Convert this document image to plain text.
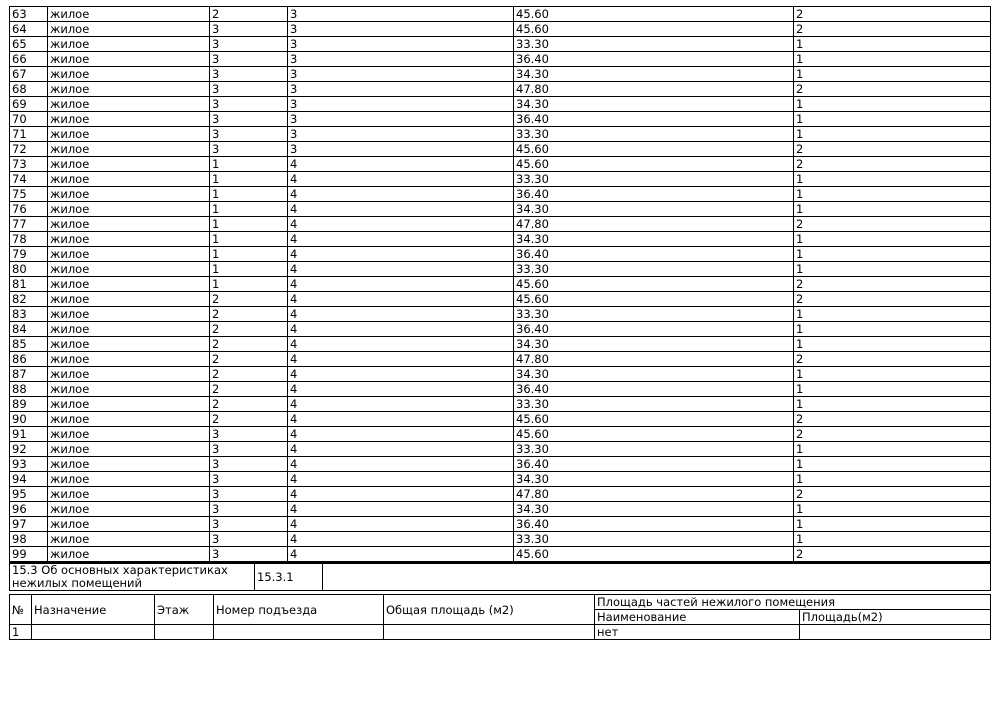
63	жилое	2	3	45.60	2
64	жилое	3	3	45.60	2
65	жилое	3	3	33.30	1
66	жилое	3	3	36.40	1
67	жилое	3	3	34.30	1
68	жилое	3	3	47.80	2
69	жилое	3	3	34.30	1
70	жилое	3	3	36.40	1
71	жилое	3	3	33.30	1
72	жилое	3	3	45.60	2
73	жилое	1	4	45.60	2
74	жилое	1	4	33.30	1
75	жилое	1	4	36.40	1
76	жилое	1	4	34.30	1
77	жилое	1	4	47.80	2
78	жилое	1	4	34.30	1
79	жилое	1	4	36.40	1
80	жилое	1	4	33.30	1
81	жилое	1	4	45.60	2
82	жилое	2	4	45.60	2
83	жилое	2	4	33.30	1
84	жилое	2	4	36.40	1
85	жилое	2	4	34.30	1
86	жилое	2	4	47.80	2
87	жилое	2	4	34.30	1
88	жилое	2	4	36.40	1
89	жилое	2	4	33.30	1
90	жилое	2	4	45.60	2
91	жилое	3	4	45.60	2
92	жилое	3	4	33.30	1
93	жилое	3	4	36.40	1
94	жилое	3	4	34.30	1
95	жилое	3	4	47.80	2
96	жилое	3	4	34.30	1
97	жилое	3	4	36.40	1
98	жилое	3	4	33.30	1
99	жилое	3	4	45.60	2
15.3 Об основных характеристиках
нежилых помещений	15.3.1	
№	Назначение	Этаж	Номер подъезда	Общая площадь (м2)	Площадь частей нежилого помещения	
					Наименование	Площадь(м2)
1					нет	
